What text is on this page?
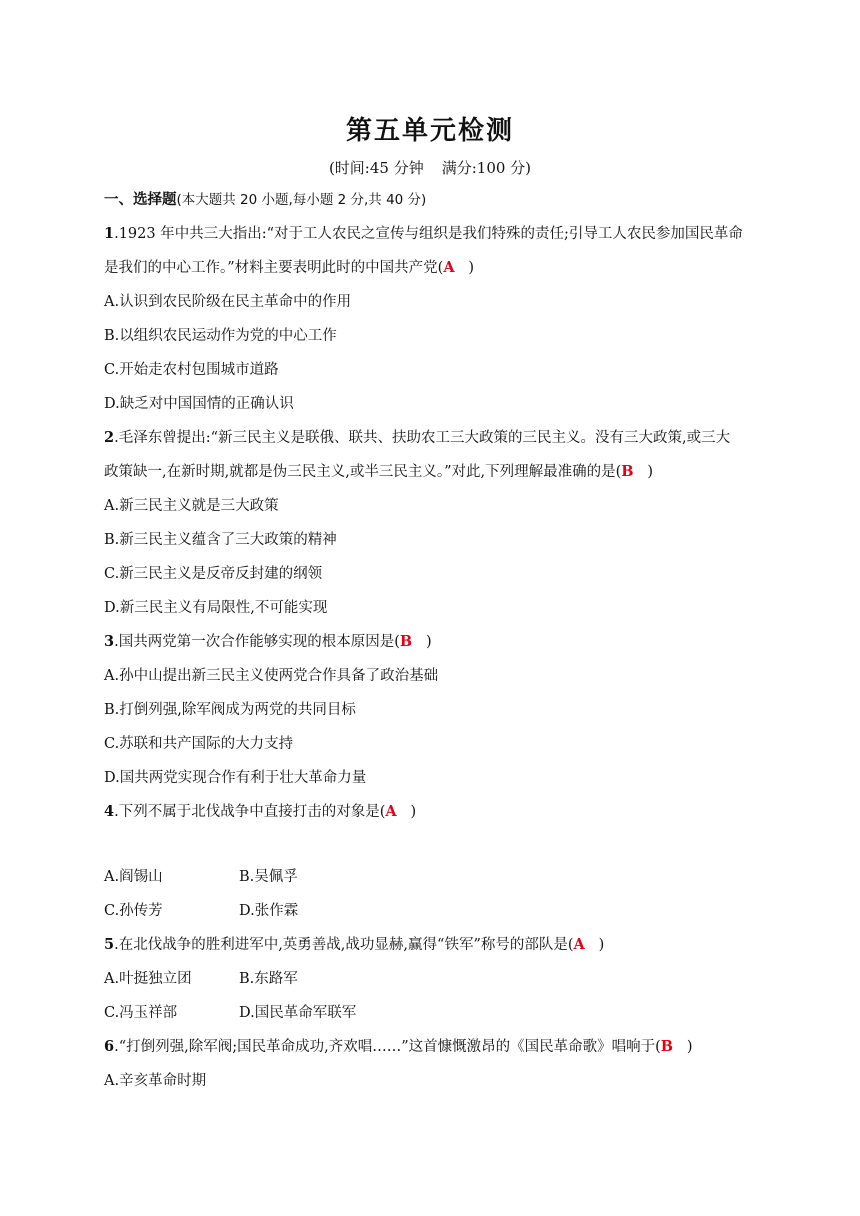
第五单元检测
(时间:45 分钟 满分:100 分)
一、选择题(本大题共 20 小题,每小题 2 分,共 40 分)
1.1923 年中共三大指出:“对于工人农民之宣传与组织是我们特殊的责任;引导工人农民参加国民革命
是我们的中心工作。”材料主要表明此时的中国共产党(A )
A.认识到农民阶级在民主革命中的作用
B.以组织农民运动作为党的中心工作
C.开始走农村包围城市道路
D.缺乏对中国国情的正确认识
2.毛泽东曾提出:“新三民主义是联俄、联共、扶助农工三大政策的三民主义。没有三大政策,或三大
政策缺一,在新时期,就都是伪三民主义,或半三民主义。”对此,下列理解最准确的是(B )
A.新三民主义就是三大政策
B.新三民主义蕴含了三大政策的精神
C.新三民主义是反帝反封建的纲领
D.新三民主义有局限性,不可能实现
3.国共两党第一次合作能够实现的根本原因是(B )
A.孙中山提出新三民主义使两党合作具备了政治基础
B.打倒列强,除军阀成为两党的共同目标
C.苏联和共产国际的大力支持
D.国共两党实现合作有利于壮大革命力量
4.下列不属于北伐战争中直接打击的对象是(A )
A.阎锡山	B.吴佩孚
C.孙传芳	D.张作霖
5.在北伐战争的胜利进军中,英勇善战,战功显赫,赢得“铁军”称号的部队是(A )
A.叶挺独立团	B.东路军
C.冯玉祥部	D.国民革命军联军
6.“打倒列强,除军阀;国民革命成功,齐欢唱……”这首慷慨激昂的《国民革命歌》唱响于(B )
A.辛亥革命时期
